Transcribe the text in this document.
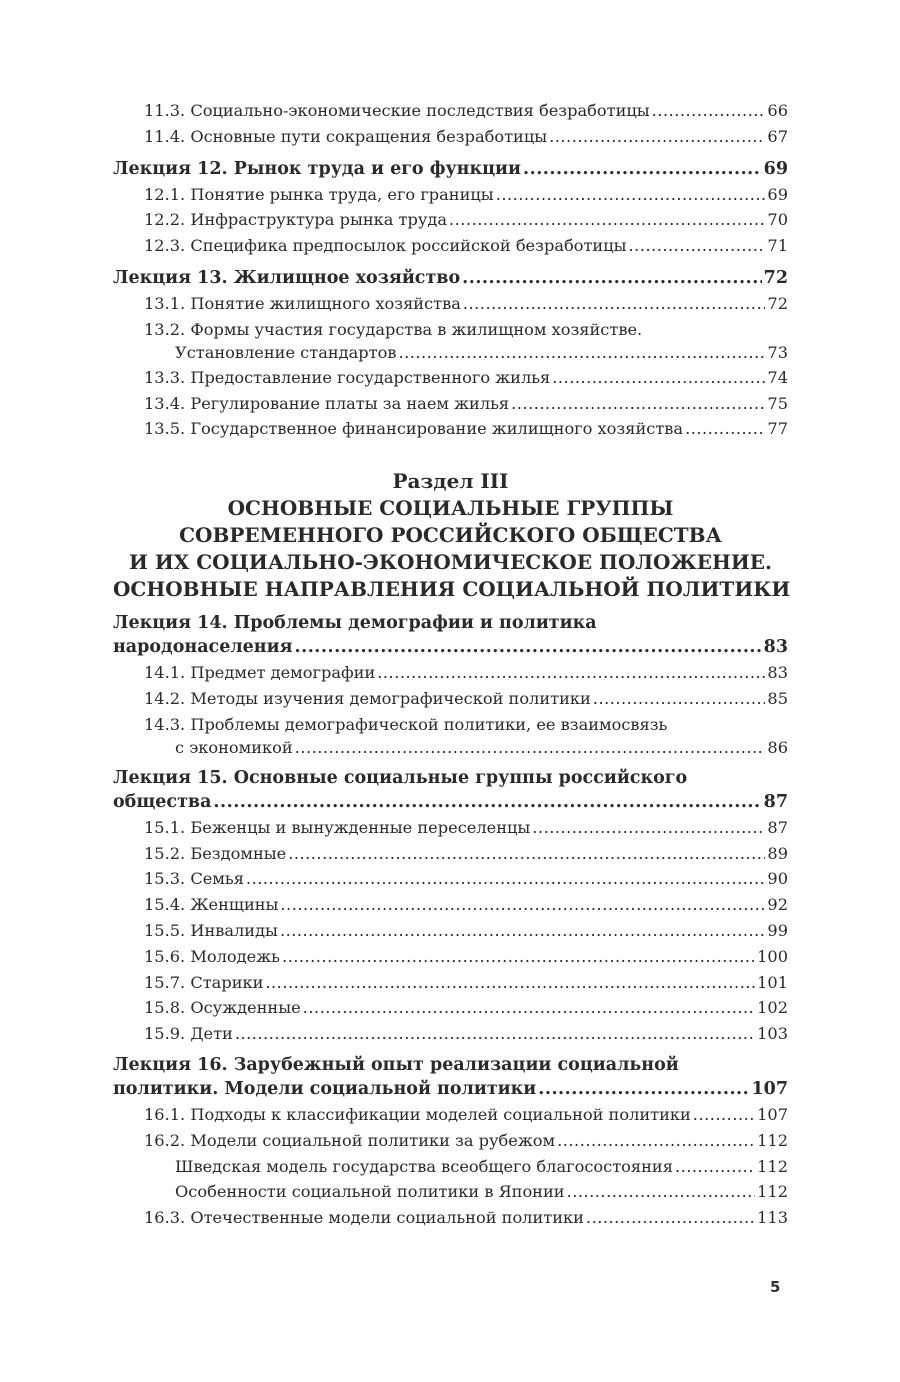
11.3. Социально-экономические последствия безработицы .....	66
11.4. Основные пути сокращения безработицы .....	67
Лекция 12. Рынок труда и его функции .....	69
12.1. Понятие рынка труда, его границы .....	69
12.2. Инфраструктура рынка труда .....	70
12.3. Специфика предпосылок российской безработицы .....	71
Лекция 13. Жилищное хозяйство .....	72
13.1. Понятие жилищного хозяйства .....	72
13.2. Формы участия государства в жилищном хозяйстве.
Установление стандартов .....	73
13.3. Предоставление государственного жилья .....	74
13.4. Регулирование платы за наем жилья .....	75
13.5. Государственное финансирование жилищного хозяйства .....	77
Раздел III
ОСНОВНЫЕ СОЦИАЛЬНЫЕ ГРУППЫ
СОВРЕМЕННОГО РОССИЙСКОГО ОБЩЕСТВА
И ИХ СОЦИАЛЬНО-ЭКОНОМИЧЕСКОЕ ПОЛОЖЕНИЕ.
ОСНОВНЫЕ НАПРАВЛЕНИЯ СОЦИАЛЬНОЙ ПОЛИТИКИ
Лекция 14. Проблемы демографии и политика
народонаселения .....	83
14.1. Предмет демографии .....	83
14.2. Методы изучения демографической политики .....	85
14.3. Проблемы демографической политики, ее взаимосвязь
с экономикой .....	86
Лекция 15. Основные социальные группы российского
общества .....	87
15.1. Беженцы и вынужденные переселенцы .....	87
15.2. Бездомные .....	89
15.3. Семья .....	90
15.4. Женщины .....	92
15.5. Инвалиды .....	99
15.6. Молодежь .....	100
15.7. Старики .....	101
15.8. Осужденные .....	102
15.9. Дети .....	103
Лекция 16. Зарубежный опыт реализации социальной
политики. Модели социальной политики .....	107
16.1. Подходы к классификации моделей социальной политики .....	107
16.2. Модели социальной политики за рубежом .....	112
Шведская модель государства всеобщего благосостояния .....	112
Особенности социальной политики в Японии .....	112
16.3. Отечественные модели социальной политики .....	113
5
